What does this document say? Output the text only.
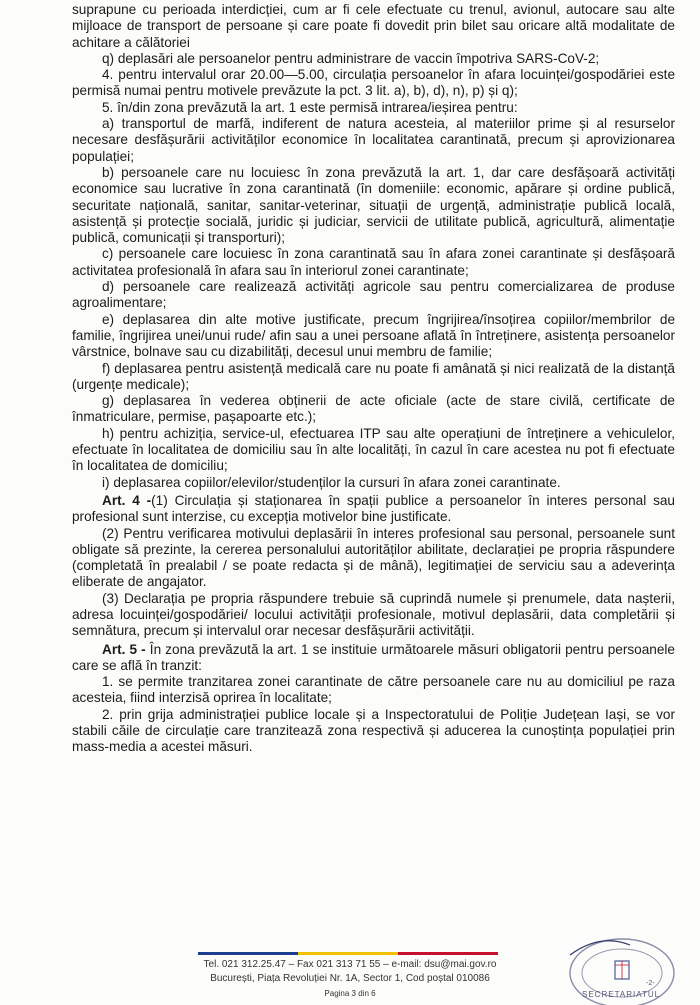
suprapune cu perioada interdicției, cum ar fi cele efectuate cu trenul, avionul, autocare sau alte mijloace de transport de persoane și care poate fi dovedit prin bilet sau oricare altă modalitate de achitare a călătoriei

q) deplasări ale persoanelor pentru administrare de vaccin împotriva SARS-CoV-2;

4. pentru intervalul orar 20.00—5.00, circulația persoanelor în afara locuinței/gospodăriei este permisă numai pentru motivele prevăzute la pct. 3 lit. a), b), d), n), p) și q);

5. în/din zona prevăzută la art. 1 este permisă intrarea/ieșirea pentru:

a) transportul de marfă, indiferent de natura acesteia, al materiilor prime și al resurselor necesare desfășurării activităților economice în localitatea carantinată, precum și aprovizionarea populației;

b) persoanele care nu locuiesc în zona prevăzută la art. 1, dar care desfășoară activități economice sau lucrative în zona carantinată (în domeniile: economic, apărare și ordine publică, securitate națională, sanitar, sanitar-veterinar, situații de urgență, administrație publică locală, asistență și protecție socială, juridic și judiciar, servicii de utilitate publică, agricultură, alimentație publică, comunicații și transporturi);

c) persoanele care locuiesc în zona carantinată sau în afara zonei carantinate și desfășoară activitatea profesională în afara sau în interiorul zonei carantinate;

d) persoanele care realizează activități agricole sau pentru comercializarea de produse agroalimentare;

e) deplasarea din alte motive justificate, precum îngrijirea/însoțirea copiilor/membrilor de familie, îngrijirea unei/unui rude/ afin sau a unei persoane aflată în întreținere, asistența persoanelor vârstnice, bolnave sau cu dizabilități, decesul unui membru de familie;

f) deplasarea pentru asistență medicală care nu poate fi amânată și nici realizată de la distanță (urgențe medicale);

g) deplasarea în vederea obținerii de acte oficiale (acte de stare civilă, certificate de înmatriculare, permise, pașapoarte etc.);

h) pentru achiziția, service-ul, efectuarea ITP sau alte operațiuni de întreținere a vehiculelor, efectuate în localitatea de domiciliu sau în alte localități, în cazul în care acestea nu pot fi efectuate în localitatea de domiciliu;

i) deplasarea copiilor/elevilor/studenților la cursuri în afara zonei carantinate.

Art. 4 -(1) Circulația și staționarea în spații publice a persoanelor în interes personal sau profesional sunt interzise, cu excepția motivelor bine justificate.

(2) Pentru verificarea motivului deplasării în interes profesional sau personal, persoanele sunt obligate să prezinte, la cererea personalului autorităților abilitate, declarației pe propria răspundere (completată în prealabil / se poate redacta și de mână), legitimației de serviciu sau a adeverința eliberate de angajator.

(3) Declarația pe propria răspundere trebuie să cuprindă numele și prenumele, data nașterii, adresa locuinței/gospodăriei/ locului activității profesionale, motivul deplasării, data completării și semnătura, precum și intervalul orar necesar desfășurării activității.

Art. 5 - În zona prevăzută la art. 1 se instituie următoarele măsuri obligatorii pentru persoanele care se află în tranzit:

1. se permite tranzitarea zonei carantinate de către persoanele care nu au domiciliul pe raza acesteia, fiind interzisă oprirea în localitate;

2. prin grija administrației publice locale și a Inspectoratului de Poliție Județean Iași, se vor stabili căile de circulație care tranzitează zona respectivă și aducerea la cunoștința populației prin mass-media a acestei măsuri.

Tel. 021 312.25.47 – Fax 021 313 71 55 – e-mail: dsu@mai.gov.ro
București, Piața Revoluției Nr. 1A, Sector 1, Cod poștal 010086
Pagina 3 din 6	SECRETARIATUL
-2-
